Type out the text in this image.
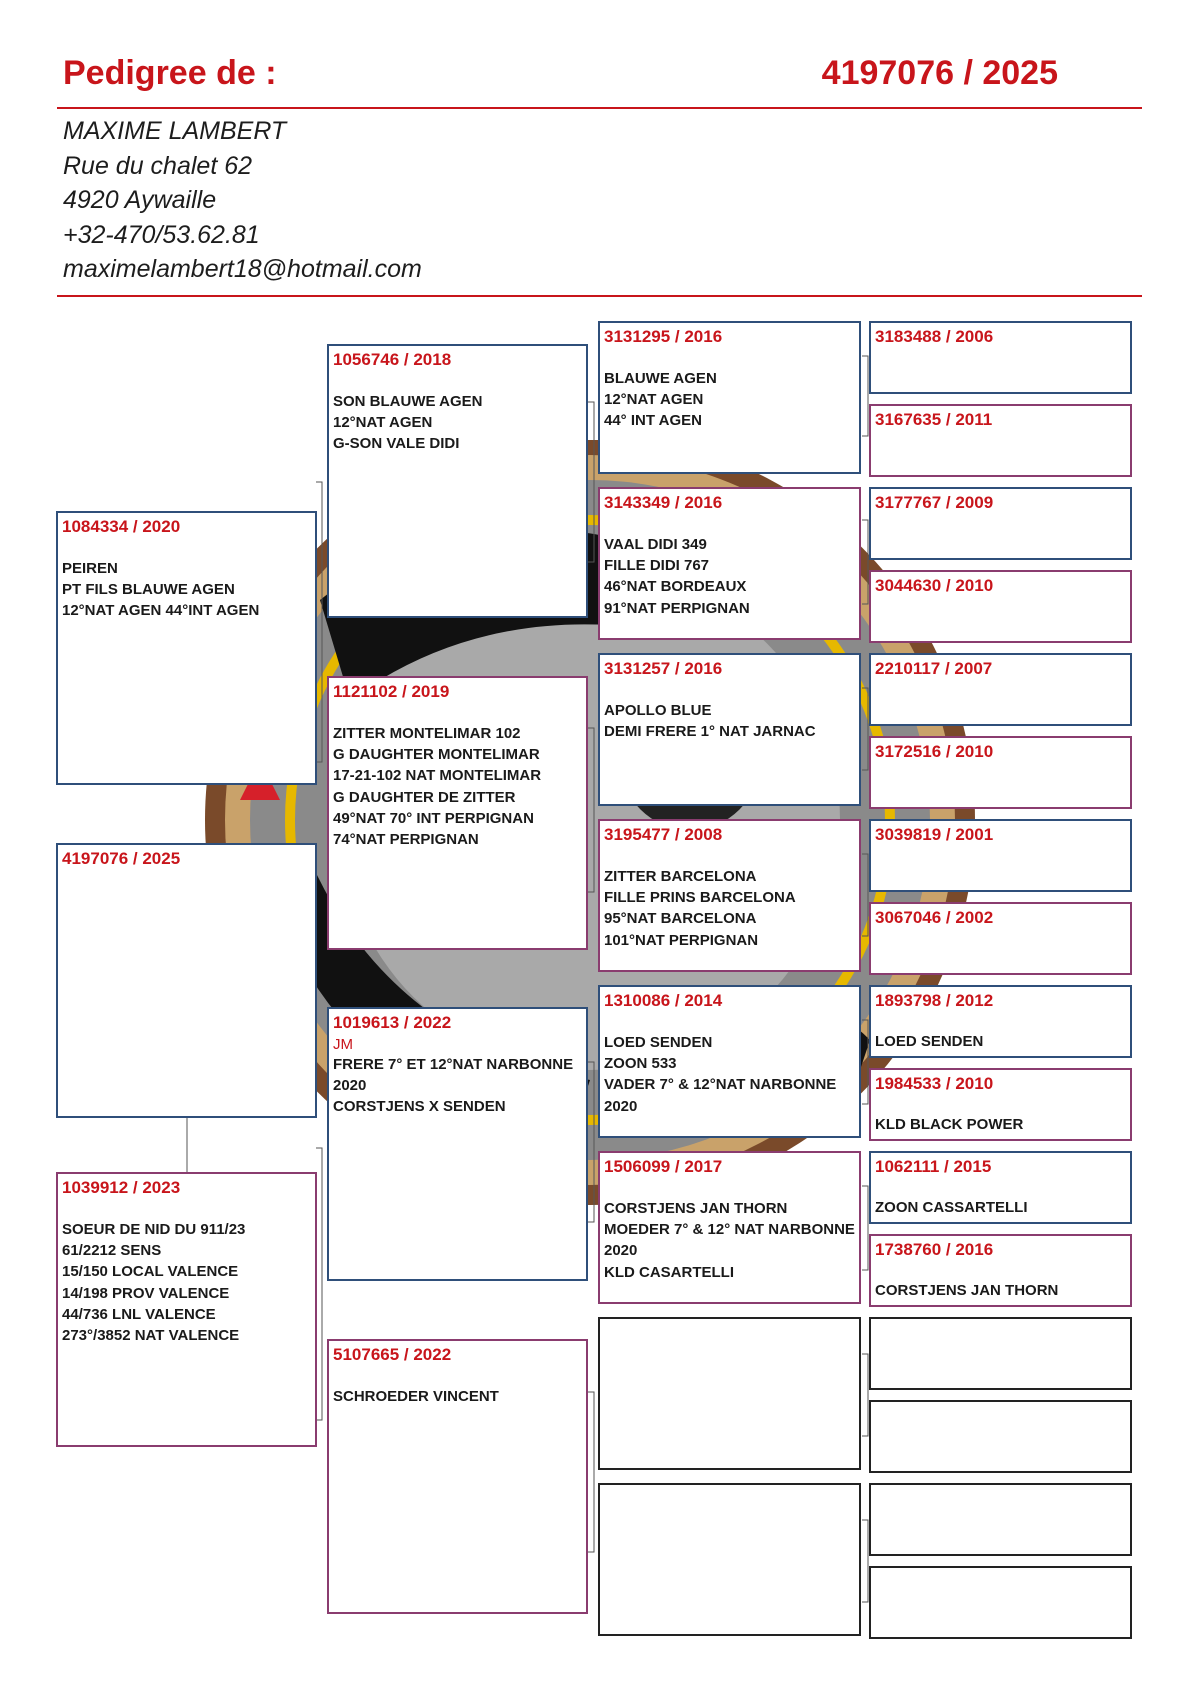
Pedigree de :	4197076 / 2025
MAXIME LAMBERT
Rue du chalet 62
4920 Aywaille
+32-470/53.62.81
maximelambert18@hotmail.com
1084334 / 2020
PEIREN
PT FILS BLAUWE AGEN
12°NAT AGEN 44°INT AGEN
4197076 / 2025
1039912 / 2023
SOEUR DE NID DU 911/23
61/2212 SENS
15/150 LOCAL VALENCE
14/198 PROV VALENCE
44/736 LNL VALENCE
273°/3852 NAT VALENCE
1056746 / 2018
SON BLAUWE AGEN
12°NAT AGEN
G-SON VALE DIDI
1121102 / 2019
ZITTER MONTELIMAR 102
G DAUGHTER MONTELIMAR
17-21-102 NAT MONTELIMAR
G DAUGHTER DE ZITTER
49°NAT 70° INT PERPIGNAN
74°NAT PERPIGNAN
1019613 / 2022
JM
FRERE 7° ET 12°NAT NARBONNE
2020
CORSTJENS X SENDEN
5107665 / 2022
SCHROEDER VINCENT
3131295 / 2016
BLAUWE AGEN
12°NAT AGEN
44° INT AGEN
3143349 / 2016
VAAL DIDI 349
FILLE DIDI 767
46°NAT BORDEAUX
91°NAT PERPIGNAN
3131257 / 2016
APOLLO BLUE
DEMI FRERE 1° NAT JARNAC
3195477 / 2008
ZITTER BARCELONA
FILLE PRINS BARCELONA
95°NAT BARCELONA
101°NAT PERPIGNAN
1310086 / 2014
LOED SENDEN
ZOON 533
VADER 7° & 12°NAT NARBONNE
2020
1506099 / 2017
CORSTJENS JAN THORN
MOEDER 7° & 12° NAT NARBONNE
2020
KLD CASARTELLI
3183488 / 2006
3167635 / 2011
3177767 / 2009
3044630 / 2010
2210117 / 2007
3172516 / 2010
3039819 / 2001
3067046 / 2002
1893798 / 2012
LOED SENDEN
1984533 / 2010
KLD BLACK POWER
1062111 / 2015
ZOON CASSARTELLI
1738760 / 2016
CORSTJENS JAN THORN
